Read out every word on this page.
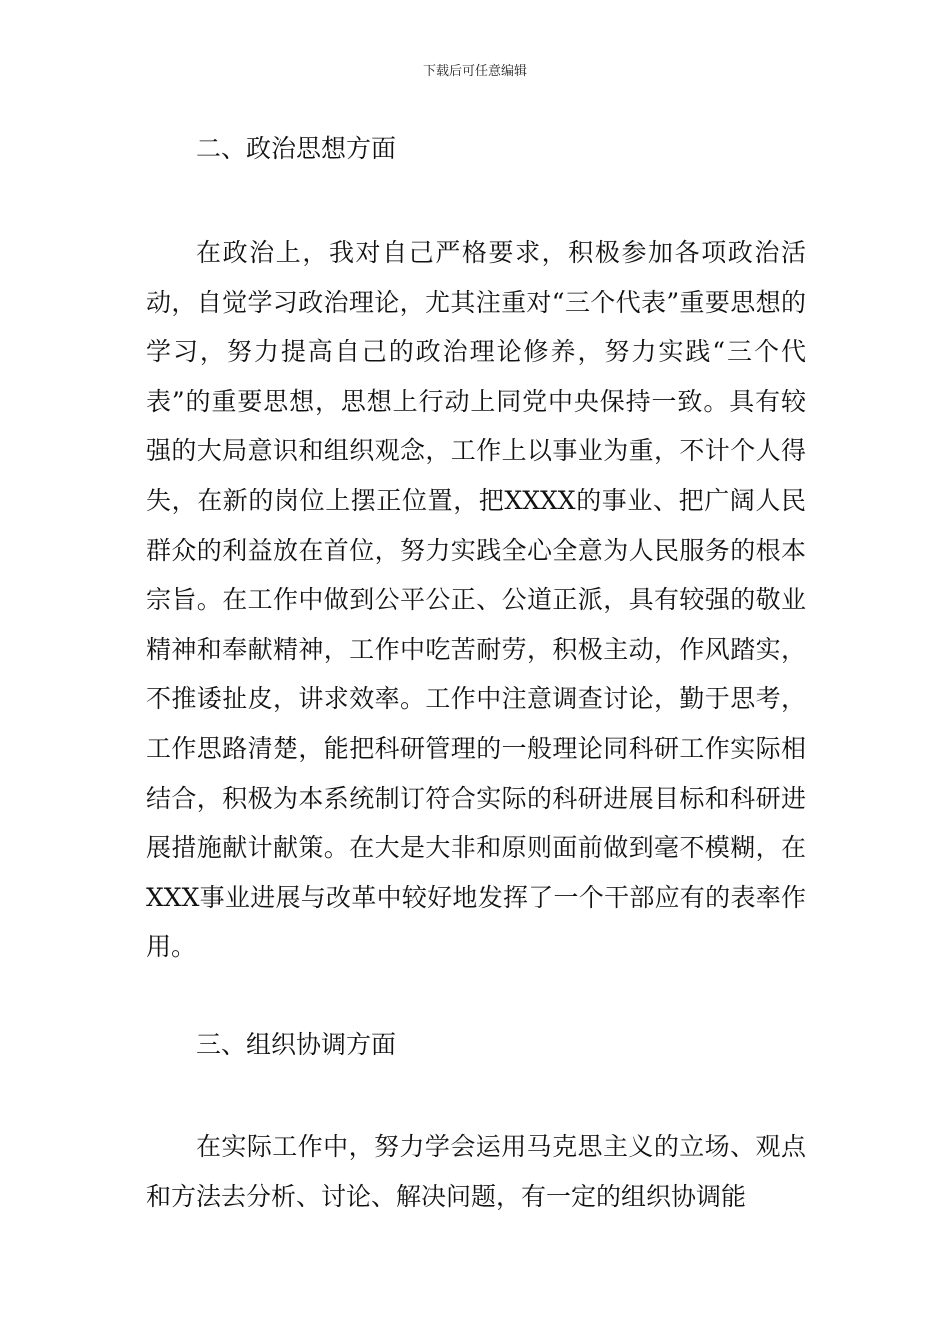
下载后可任意编辑
二、政治思想方面

在政治上，我对自己严格要求，积极参加各项政治活动，自觉学习政治理论，尤其注重对“三个代表”重要思想的学习，努力提高自己的政治理论修养，努力实践“三个代表”的重要思想，思想上行动上同党中央保持一致。具有较强的大局意识和组织观念，工作上以事业为重，不计个人得失，在新的岗位上摆正位置，把XXXX的事业、把广阔人民群众的利益放在首位，努力实践全心全意为人民服务的根本宗旨。在工作中做到公平公正、公道正派，具有较强的敬业精神和奉献精神，工作中吃苦耐劳，积极主动，作风踏实，不推诿扯皮，讲求效率。工作中注意调查讨论，勤于思考，工作思路清楚，能把科研管理的一般理论同科研工作实际相结合，积极为本系统制订符合实际的科研进展目标和科研进展措施献计献策。在大是大非和原则面前做到毫不模糊，在XXX事业进展与改革中较好地发挥了一个干部应有的表率作用。

三、组织协调方面

在实际工作中，努力学会运用马克思主义的立场、观点和方法去分析、讨论、解决问题，有一定的组织协调能
